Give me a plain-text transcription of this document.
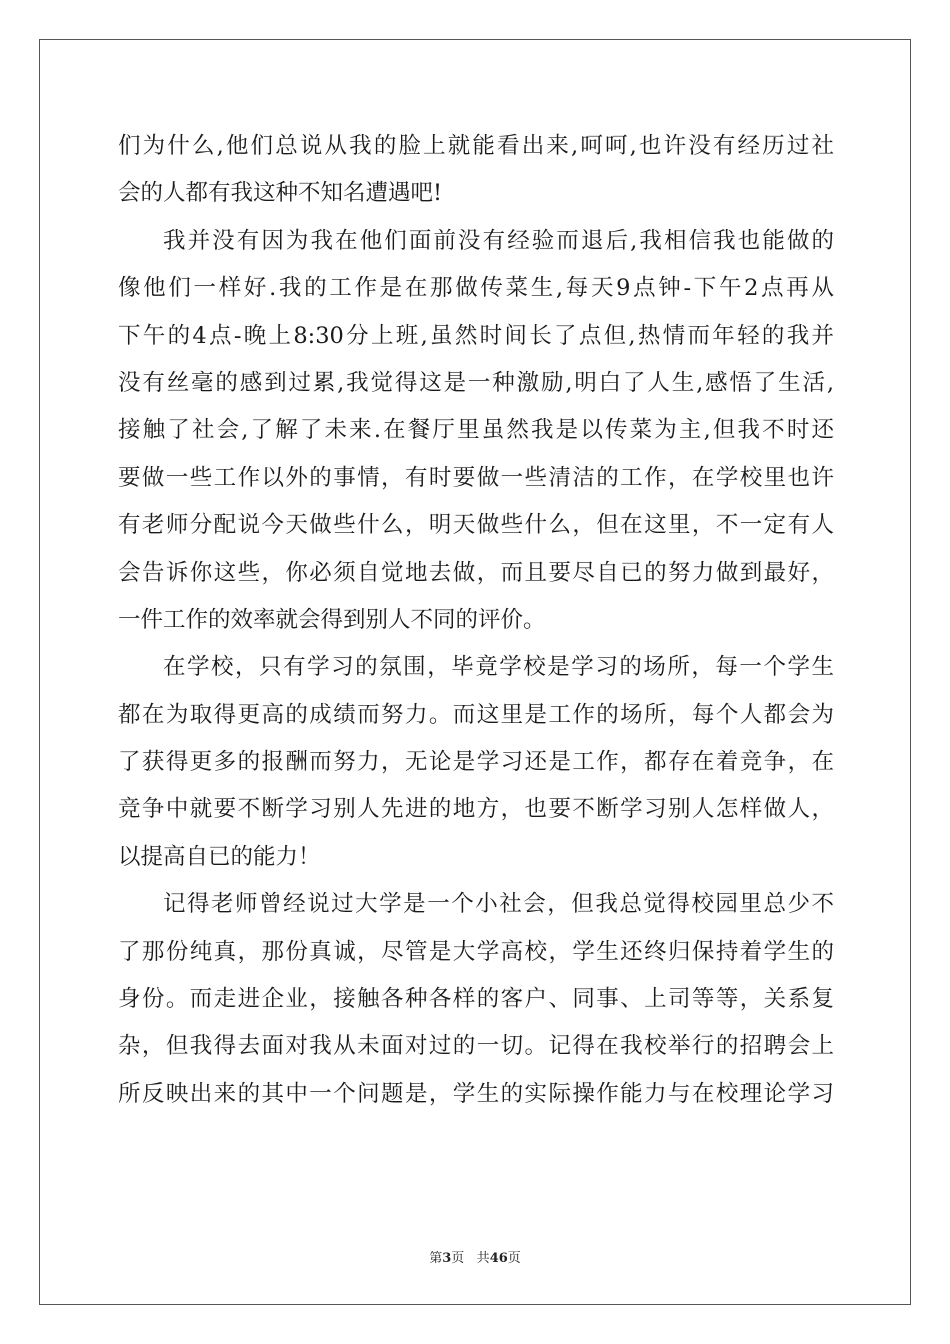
们为什么,他们总说从我的脸上就能看出来,呵呵,也许没有经历过社
会的人都有我这种不知名遭遇吧!
我并没有因为我在他们面前没有经验而退后,我相信我也能做的
像他们一样好.我的工作是在那做传菜生,每天9点钟-下午2点再从
下午的4点-晚上8:30分上班,虽然时间长了点但,热情而年轻的我并
没有丝毫的感到过累,我觉得这是一种激励,明白了人生,感悟了生活,
接触了社会,了解了未来.在餐厅里虽然我是以传菜为主,但我不时还
要做一些工作以外的事情，有时要做一些清洁的工作，在学校里也许
有老师分配说今天做些什么，明天做些什么，但在这里，不一定有人
会告诉你这些，你必须自觉地去做，而且要尽自已的努力做到最好，
一件工作的效率就会得到别人不同的评价。
在学校，只有学习的氛围，毕竟学校是学习的场所，每一个学生
都在为取得更高的成绩而努力。而这里是工作的场所，每个人都会为
了获得更多的报酬而努力，无论是学习还是工作，都存在着竞争，在
竞争中就要不断学习别人先进的地方，也要不断学习别人怎样做人，
以提高自已的能力！
记得老师曾经说过大学是一个小社会，但我总觉得校园里总少不
了那份纯真，那份真诚，尽管是大学高校，学生还终归保持着学生的
身份。而走进企业，接触各种各样的客户、同事、上司等等，关系复
杂，但我得去面对我从未面对过的一切。记得在我校举行的招聘会上
所反映出来的其中一个问题是，学生的实际操作能力与在校理论学习
第3页 共46页
